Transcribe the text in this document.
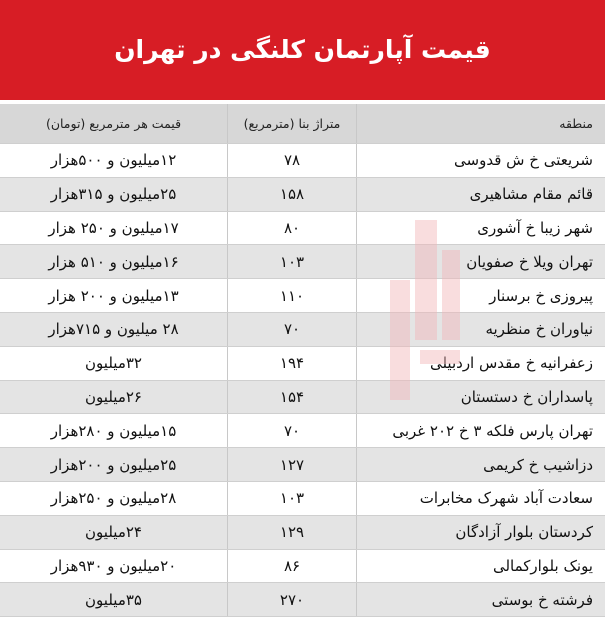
قیمت آپارتمان کلنگی در تهران
منطقه
متراژ بنا (مترمربع)
قیمت هر مترمربع (تومان)
شریعتی خ ش قدوسی
۷۸
۱۲میلیون و ۵۰۰هزار
قائم مقام مشاهیری
۱۵۸
۲۵میلیون و ۳۱۵هزار
شهر زیبا خ آشوری
۸۰
۱۷میلیون و ۲۵۰ هزار
تهران ویلا خ صفویان
۱۰۳
۱۶میلیون و ۵۱۰ هزار
پیروزی خ برسنار
۱۱۰
۱۳میلیون و ۲۰۰ هزار
نیاوران خ منظریه
۷۰
۲۸ میلیون و ۷۱۵هزار
زعفرانیه خ مقدس اردبیلی
۱۹۴
۳۲میلیون
پاسداران خ دستستان
۱۵۴
۲۶میلیون
تهران پارس فلکه ۳ خ ۲۰۲ غربی
۷۰
۱۵میلیون و ۲۸۰هزار
دزاشیب خ کریمی
۱۲۷
۲۵میلیون و ۲۰۰هزار
سعادت آباد شهرک مخابرات
۱۰۳
۲۸میلیون و ۲۵۰هزار
کردستان بلوار آزادگان
۱۲۹
۲۴میلیون
یونک بلوارکمالی
۸۶
۲۰میلیون و ۹۳۰هزار
فرشته خ بوستی
۲۷۰
۳۵میلیون
